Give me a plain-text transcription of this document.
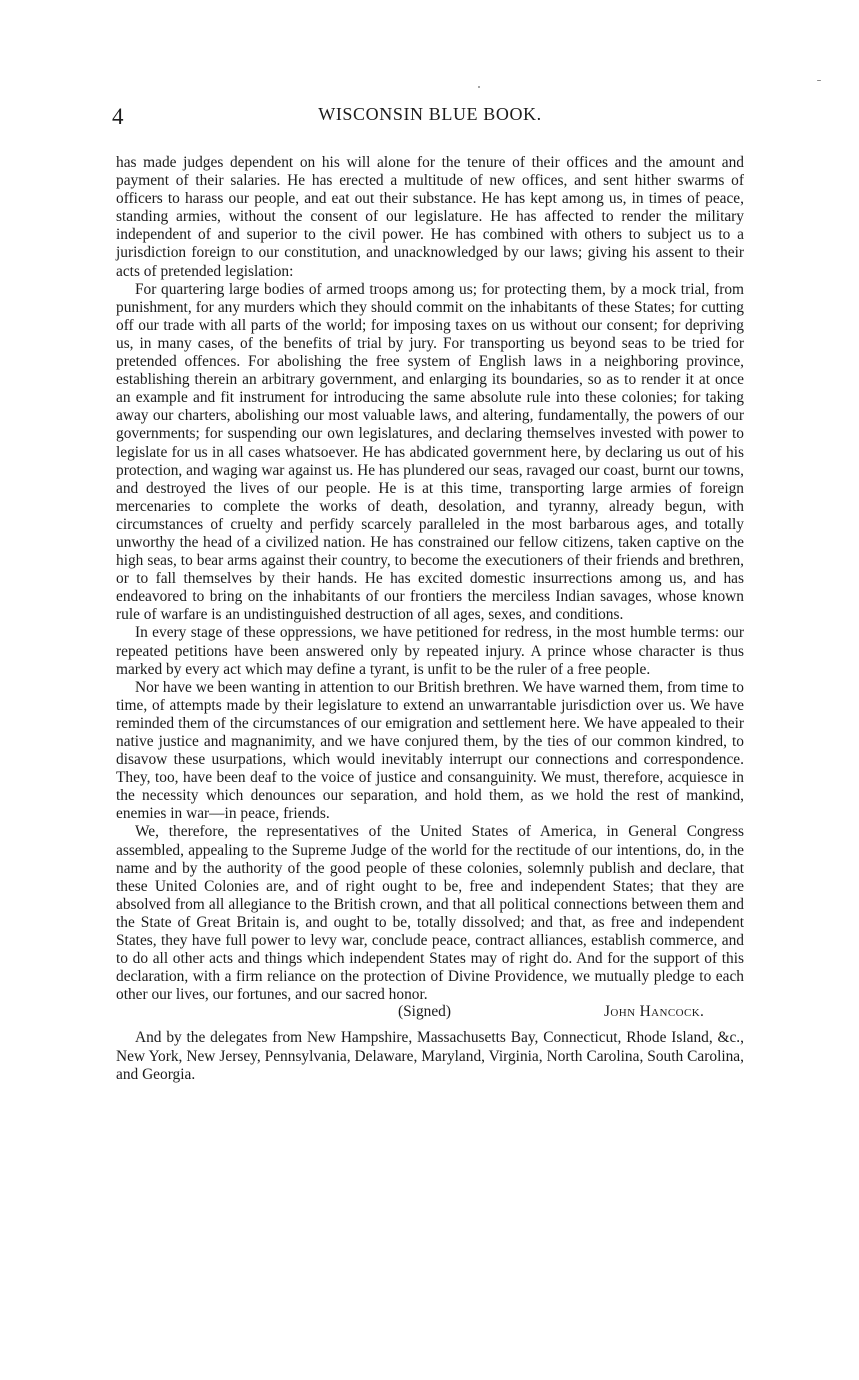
4	WISCONSIN BLUE BOOK.

has made judges dependent on his will alone for the tenure of their offices and the amount and payment of their salaries. He has erected a multitude of new offices, and sent hither swarms of officers to harass our people, and eat out their substance. He has kept among us, in times of peace, standing armies, without the consent of our legislature. He has affected to render the military independent of and superior to the civil power. He has combined with others to subject us to a jurisdiction foreign to our constitution, and unacknowledged by our laws; giving his assent to their acts of pretended legislation:

For quartering large bodies of armed troops among us; for protecting them, by a mock trial, from punishment, for any murders which they should commit on the inhabitants of these States; for cutting off our trade with all parts of the world; for imposing taxes on us without our consent; for depriving us, in many cases, of the benefits of trial by jury. For transporting us beyond seas to be tried for pretended offences. For abolishing the free system of English laws in a neighboring province, establishing therein an arbitrary government, and enlarging its boundaries, so as to render it at once an example and fit instrument for introducing the same absolute rule into these colonies; for taking away our charters, abolishing our most valuable laws, and altering, fundamentally, the powers of our governments; for suspending our own legislatures, and declaring themselves invested with power to legislate for us in all cases whatsoever. He has abdicated government here, by declaring us out of his protection, and waging war against us. He has plundered our seas, ravaged our coast, burnt our towns, and destroyed the lives of our people. He is at this time, transporting large armies of foreign mercenaries to complete the works of death, desolation, and tyranny, already begun, with circumstances of cruelty and perfidy scarcely paralleled in the most barbarous ages, and totally unworthy the head of a civilized nation. He has constrained our fellow citizens, taken captive on the high seas, to bear arms against their country, to become the executioners of their friends and brethren, or to fall themselves by their hands. He has excited domestic insurrections among us, and has endeavored to bring on the inhabitants of our frontiers the merciless Indian savages, whose known rule of warfare is an undistinguished destruction of all ages, sexes, and conditions.

In every stage of these oppressions, we have petitioned for redress, in the most humble terms: our repeated petitions have been answered only by repeated injury. A prince whose character is thus marked by every act which may define a tyrant, is unfit to be the ruler of a free people.

Nor have we been wanting in attention to our British brethren. We have warned them, from time to time, of attempts made by their legislature to extend an unwarrantable jurisdiction over us. We have reminded them of the circumstances of our emigration and settlement here. We have appealed to their native justice and magnanimity, and we have conjured them, by the ties of our common kindred, to disavow these usurpations, which would inevitably interrupt our connections and correspondence. They, too, have been deaf to the voice of justice and consanguinity. We must, therefore, acquiesce in the necessity which denounces our separation, and hold them, as we hold the rest of mankind, enemies in war—in peace, friends.

We, therefore, the representatives of the United States of America, in General Congress assembled, appealing to the Supreme Judge of the world for the rectitude of our intentions, do, in the name and by the authority of the good people of these colonies, solemnly publish and declare, that these United Colonies are, and of right ought to be, free and independent States; that they are absolved from all allegiance to the British crown, and that all political connections between them and the State of Great Britain is, and ought to be, totally dissolved; and that, as free and independent States, they have full power to levy war, conclude peace, contract alliances, establish commerce, and to do all other acts and things which independent States may of right do. And for the support of this declaration, with a firm reliance on the protection of Divine Providence, we mutually pledge to each other our lives, our fortunes, and our sacred honor.

(Signed)	John Hancock.

And by the delegates from New Hampshire, Massachusetts Bay, Connecticut, Rhode Island, &c., New York, New Jersey, Pennsylvania, Delaware, Maryland, Virginia, North Carolina, South Carolina, and Georgia.
